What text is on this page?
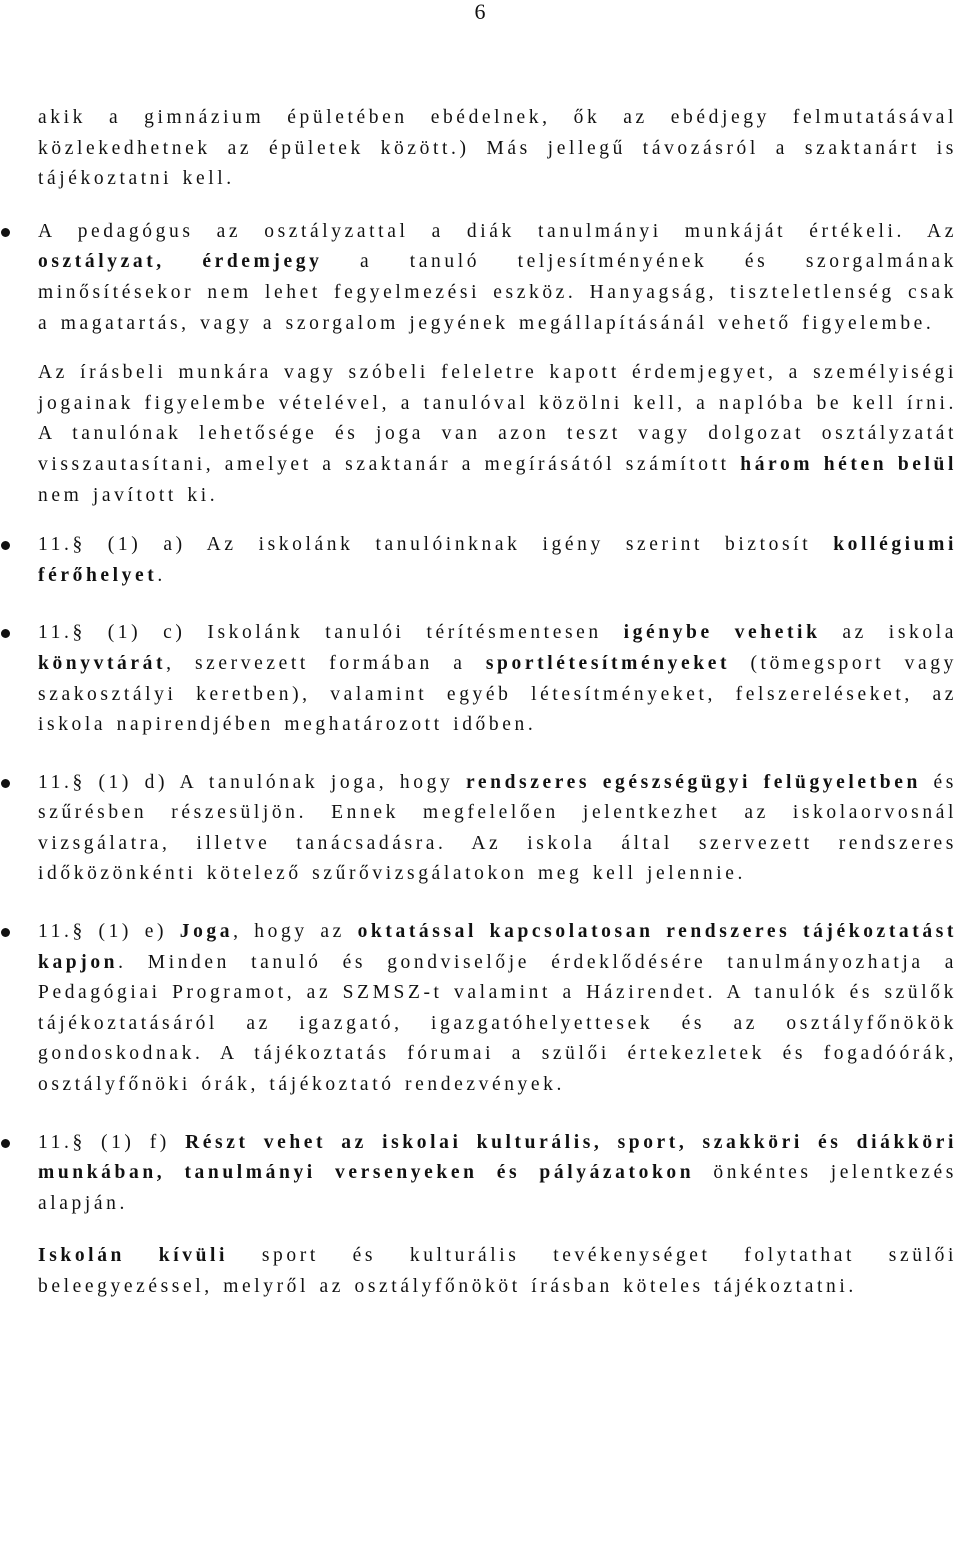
6

akik a gimnázium épületében ebédelnek, ők az ebédjegy felmutatásával közlekedhetnek az épületek között.) Más jellegű távozásról a szaktanárt is tájékoztatni kell.

A pedagógus az osztályzattal a diák tanulmányi munkáját értékeli. Az osztályzat, érdemjegy a tanuló teljesítményének és szorgalmának minősítésekor nem lehet fegyelmezési eszköz. Hanyagság, tiszteletlenség csak a magatartás, vagy a szorgalom jegyének megállapításánál vehető figyelembe.

Az írásbeli munkára vagy szóbeli feleletre kapott érdemjegyet, a személyiségi jogainak figyelembe vételével, a tanulóval közölni kell, a naplóba be kell írni. A tanulónak lehetősége és joga van azon teszt vagy dolgozat osztályzatát visszautasítani, amelyet a szaktanár a megírásától számított három héten belül nem javított ki.

11.§ (1) a) Az iskolánk tanulóinknak igény szerint biztosít kollégiumi férőhelyet.

11.§ (1) c) Iskolánk tanulói térítésmentesen igénybe vehetik az iskola könyvtárát, szervezett formában a sportlétesítményeket (tömegsport vagy szakosztályi keretben), valamint egyéb létesítményeket, felszereléseket, az iskola napirendjében meghatározott időben.

11.§ (1) d) A tanulónak joga, hogy rendszeres egészségügyi felügyeletben és szűrésben részesüljön. Ennek megfelelően jelentkezhet az iskolaorvosnál vizsgálatra, illetve tanácsadásra. Az iskola által szervezett rendszeres időközönkénti kötelező szűrővizsgálatokon meg kell jelennie.

11.§ (1) e) Joga, hogy az oktatással kapcsolatosan rendszeres tájékoztatást kapjon. Minden tanuló és gondviselője érdeklődésére tanulmányozhatja a Pedagógiai Programot, az SZMSZ-t valamint a Házirendet. A tanulók és szülők tájékoztatásáról az igazgató, igazgatóhelyettesek és az osztályfőnökök gondoskodnak. A tájékoztatás fórumai a szülői értekezletek és fogadóórák, osztályfőnöki órák, tájékoztató rendezvények.

11.§ (1) f) Részt vehet az iskolai kulturális, sport, szakköri és diákköri munkában, tanulmányi versenyeken és pályázatokon önkéntes jelentkezés alapján.

Iskolán kívüli sport és kulturális tevékenységet folytathat szülői beleegyezéssel, melyről az osztályfőnököt írásban köteles tájékoztatni.
